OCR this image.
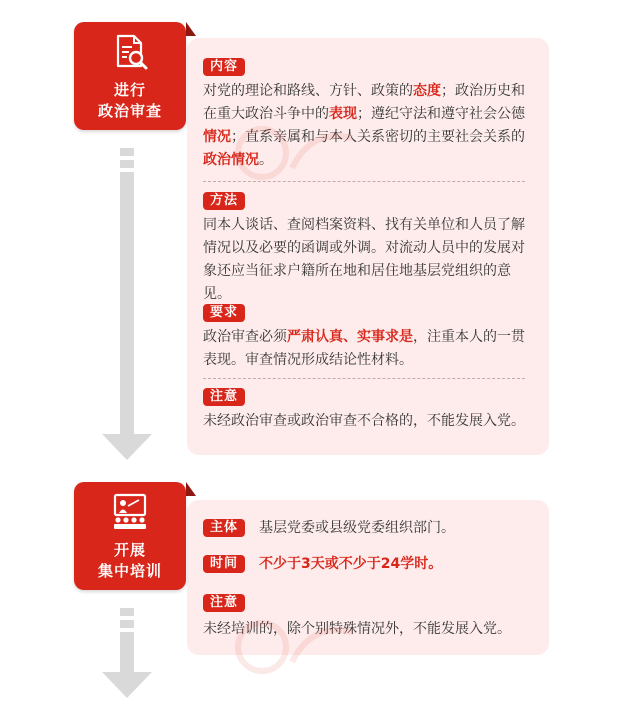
进行
政治审查
内容

对党的理论和路线、方针、政策的态度；政治历史和在重大政治斗争中的表现；遵纪守法和遵守社会公德情况；直系亲属和与本人关系密切的主要社会关系的政治情况。

方法

同本人谈话、查阅档案资料、找有关单位和人员了解情况以及必要的函调或外调。对流动人员中的发展对象还应当征求户籍所在地和居住地基层党组织的意见。

要求

政治审查必须严肃认真、实事求是，注重本人的一贯表现。审查情况形成结论性材料。

注意

未经政治审查或政治审查不合格的，不能发展入党。

开展
集中培训
主体	基层党委或县级党委组织部门。
时间	不少于3天或不少于24学时。
注意

未经培训的，除个别特殊情况外，不能发展入党。
